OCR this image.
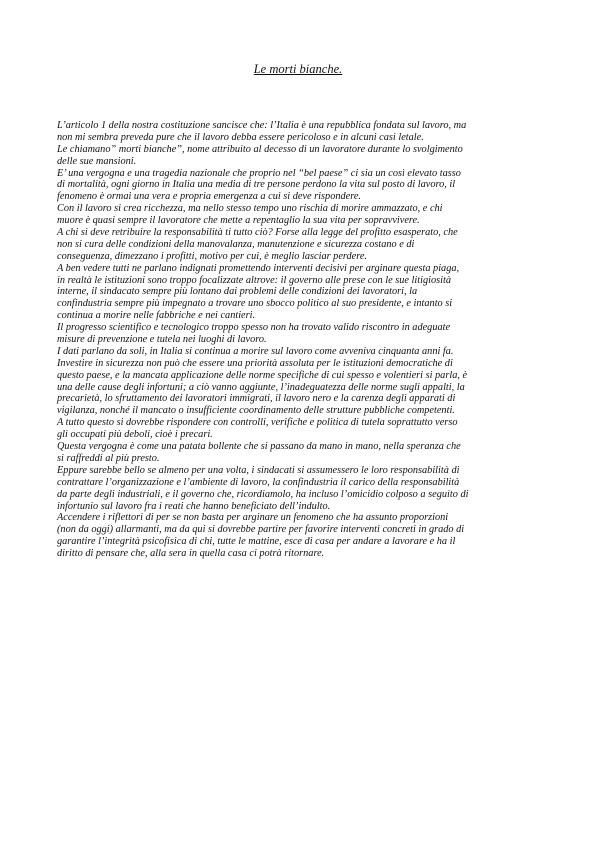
Le morti bianche.
L’articolo 1 della nostra costituzione sancisce che: l’Italia è una repubblica fondata sul lavoro, ma
non mi sembra preveda pure che il lavoro debba essere pericoloso e in alcuni casi letale.
Le chiamano” morti bianche”, nome attribuito al decesso di un lavoratore durante lo svolgimento
delle sue mansioni.
E’ una vergogna e una tragedia nazionale che proprio nel “bel paese” ci sia un così elevato tasso
di mortalità, ogni giorno in Italia una media di tre persone perdono la vita sul posto di lavoro, il
fenomeno è ormai una vera e propria emergenza a cui si deve rispondere.
Con il lavoro si crea ricchezza, ma nello stesso tempo uno rischia di morire ammazzato, e chi
muore è quasi sempre il lavoratore che mette a repentaglio la sua vita per sopravvivere.
A chi si deve retribuire la responsabilità ti tutto ciò? Forse alla legge del profitto esasperato, che
non si cura delle condizioni della manovalanza, manutenzione e sicurezza costano e di
conseguenza, dimezzano i profitti, motivo per cui, è meglio lasciar perdere.
A ben vedere tutti ne parlano indignati promettendo interventi decisivi per arginare questa piaga,
in realtà le istituzioni sono troppo focalizzate altrove: il governo alle prese con le sue litigiosità
interne, il sindacato sempre più lontano dai problemi delle condizioni dei lavoratori, la
confindustria sempre più impegnato a trovare uno sbocco politico al suo presidente, e intanto si
continua a morire nelle fabbriche e nei cantieri.
Il progresso scientifico e tecnologico troppo spesso non ha trovato valido riscontro in adeguate
misure di prevenzione e tutela nei luoghi di lavoro.
I dati parlano da soli, in Italia si continua a morire sul lavoro come avveniva cinquanta anni fa.
Investire in sicurezza non può che essere una priorità assoluta per le istituzioni democratiche di
questo paese, e la mancata applicazione delle norme specifiche di cui spesso e volentieri si parla, è
una delle cause degli infortuni; a ciò vanno aggiunte, l’inadeguatezza delle norme sugli appalti, la
precarietà, lo sfruttamento dei lavoratori immigrati, il lavoro nero e la carenza degli apparati di
vigilanza, nonché il mancato o insufficiente coordinamento delle strutture pubbliche competenti.
A tutto questo si dovrebbe rispondere con controlli, verifiche e politica di tutela soprattutto verso
gli occupati più deboli, cioè i precari.
Questa vergogna è come una patata bollente che si passano da mano in mano, nella speranza che
si raffreddi al più presto.
Eppure sarebbe bello se almeno per una volta, i sindacati si assumessero le loro responsabilità di
contrattare l’organizzazione e l’ambiente di lavoro, la confindustria il carico della responsabilità
da parte degli industriali, e il governo che, ricordiamolo, ha incluso l’omicidio colposo a seguito di
infortunio sul lavoro fra i reati che hanno beneficiato dell’indulto.
Accendere i riflettori di per se non basta per arginare un fenomeno che ha assunto proporzioni
(non da oggi) allarmanti, ma da qui si dovrebbe partire per favorire interventi concreti in grado di
garantire l’integrità psicofisica di chi, tutte le mattine, esce di casa per andare a lavorare e ha il
diritto di pensare che, alla sera in quella casa ci potrà ritornare.
